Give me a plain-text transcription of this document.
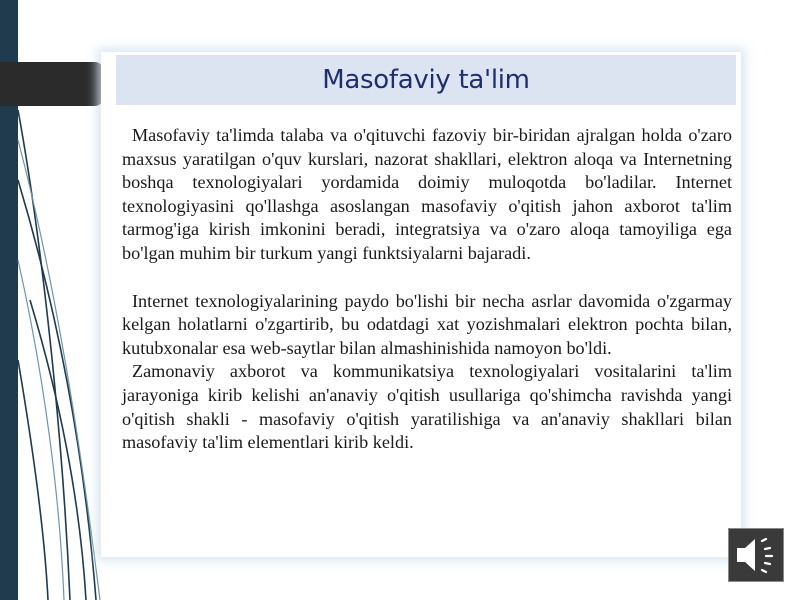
Masofaviy ta'lim

Masofaviy ta'limda talaba va o'qituvchi fazoviy bir-biridan ajralgan holda o'zaro maxsus yaratilgan o'quv kurslari, nazorat shakllari, elektron aloqa va Internetning boshqa texnologiyalari yordamida doimiy muloqotda bo'ladilar. Internet texnologiyasini qo'llashga asoslangan masofaviy o'qitish jahon axborot ta'lim tarmog'iga kirish imkonini beradi, integratsiya va o'zaro aloqa tamoyiliga ega bo'lgan muhim bir turkum yangi funktsiyalarni bajaradi.

Internet texnologiyalarining paydo bo'lishi bir necha asrlar davomida o'zgarmay kelgan holatlarni o'zgartirib, bu odatdagi xat yozishmalari elektron pochta bilan, kutubxonalar esa web-saytlar bilan almashinishida namoyon bo'ldi.

Zamonaviy axborot va kommunikatsiya texnologiyalari vositalarini ta'lim jarayoniga kirib kelishi an'anaviy o'qitish usullariga qo'shimcha ravishda yangi o'qitish shakli - masofaviy o'qitish yaratilishiga va an'anaviy shakllari bilan masofaviy ta'lim elementlari kirib keldi.
